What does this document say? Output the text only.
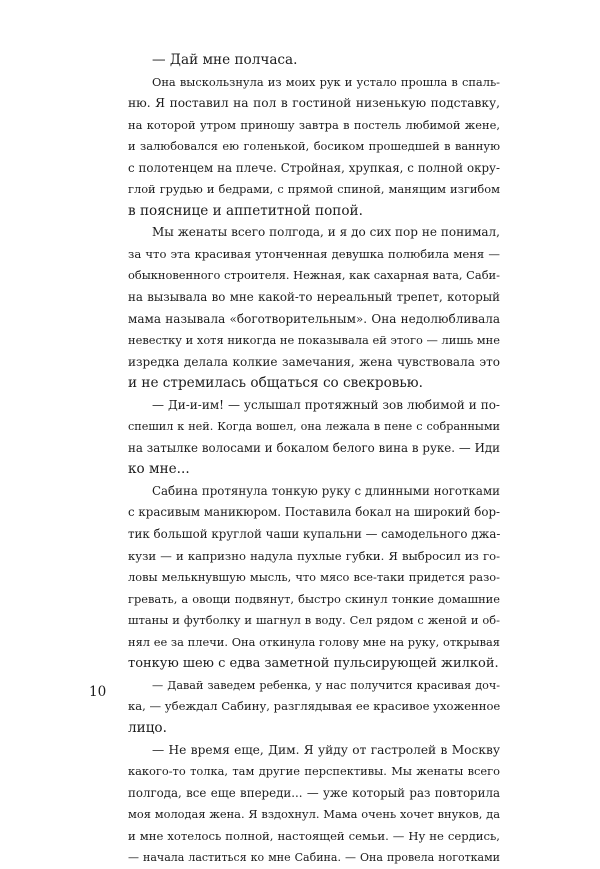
— Дай мне полчаса.
Она выскользнула из моих рук и устало прошла в спаль-
ню. Я поставил на пол в гостиной низенькую подставку,
на которой утром приношу завтра в постель любимой жене,
и залюбовался ею голенькой, босиком прошедшей в ванную
с полотенцем на плече. Стройная, хрупкая, с полной окру-
глой грудью и бедрами, с прямой спиной, манящим изгибом
в пояснице и аппетитной попой.
Мы женаты всего полгода, и я до сих пор не понимал,
за что эта красивая утонченная девушка полюбила меня —
обыкновенного строителя. Нежная, как сахарная вата, Саби-
на вызывала во мне какой-то нереальный трепет, который
мама называла «боготворительным». Она недолюбливала
невестку и хотя никогда не показывала ей этого — лишь мне
изредка делала колкие замечания, жена чувствовала это
и не стремилась общаться со свекровью.
— Ди-и-им! — услышал протяжный зов любимой и по-
спешил к ней. Когда вошел, она лежала в пене с собранными
на затылке волосами и бокалом белого вина в руке. — Иди
ко мне...
Сабина протянула тонкую руку с длинными ноготками
с красивым маникюром. Поставила бокал на широкий бор-
тик большой круглой чаши купальни — самодельного джа-
кузи — и капризно надула пухлые губки. Я выбросил из го-
ловы мелькнувшую мысль, что мясо все-таки придется разо-
гревать, а овощи подвянут, быстро скинул тонкие домашние
штаны и футболку и шагнул в воду. Сел рядом с женой и об-
нял ее за плечи. Она откинула голову мне на руку, открывая
тонкую шею с едва заметной пульсирующей жилкой.
— Давай заведем ребенка, у нас получится красивая доч-
ка, — убеждал Сабину, разглядывая ее красивое ухоженное
лицо.
— Не время еще, Дим. Я уйду от гастролей в Москву
какого-то толка, там другие перспективы. Мы женаты всего
полгода, все еще впереди... — уже который раз повторила
моя молодая жена. Я вздохнул. Мама очень хочет внуков, да
и мне хотелось полной, настоящей семьи. — Ну не сердись,
— начала ластиться ко мне Сабина. — Она провела ноготками
10
